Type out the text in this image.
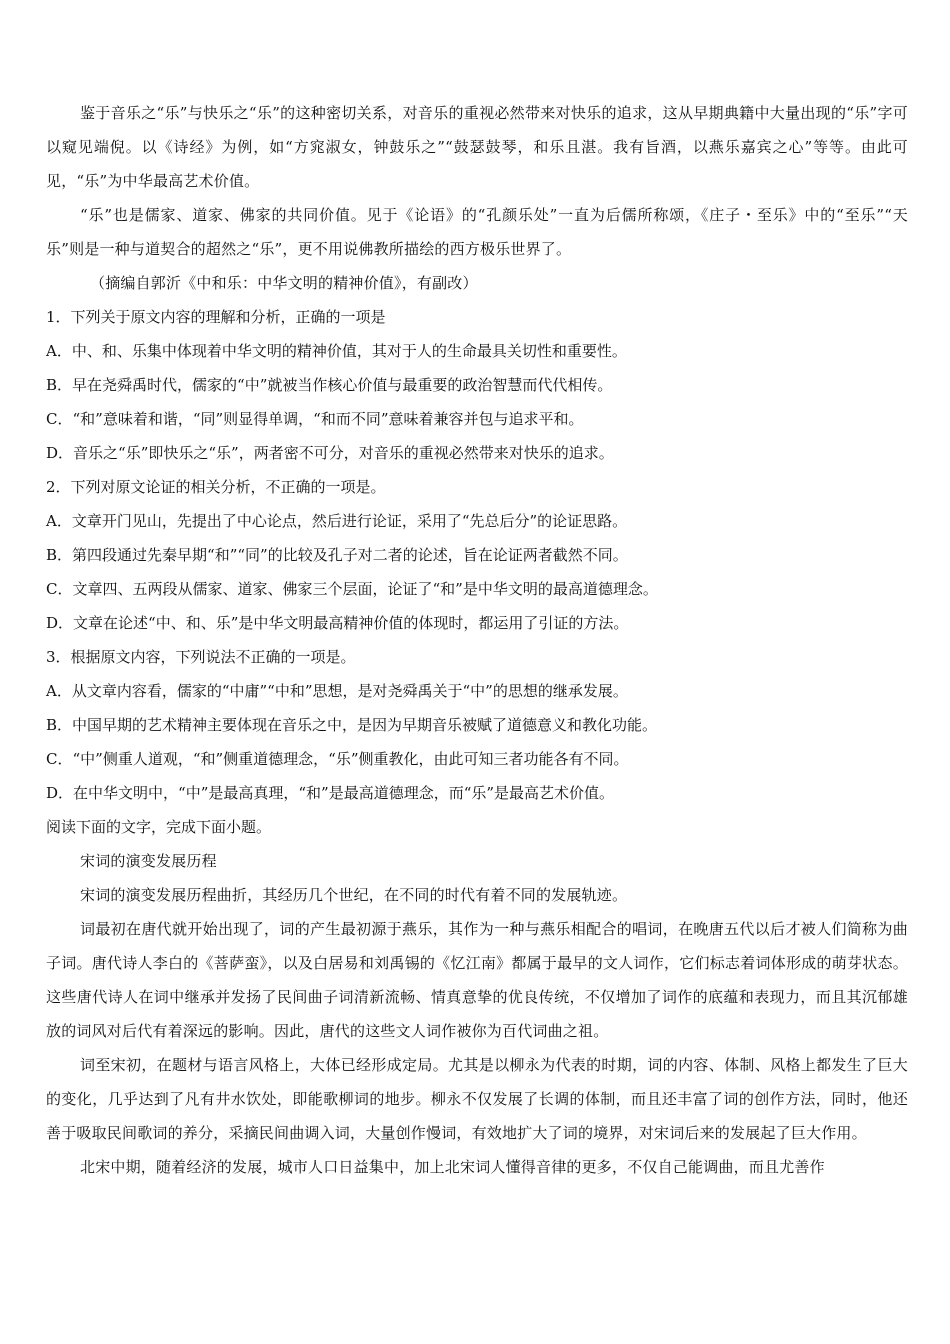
鉴于音乐之“乐”与快乐之“乐”的这种密切关系，对音乐的重视必然带来对快乐的追求，这从早期典籍中大量出现的“乐”字可以窥见端倪。以《诗经》为例，如“方窕淑女，钟鼓乐之”“鼓瑟鼓琴，和乐且湛。我有旨酒，以燕乐嘉宾之心”等等。由此可见，“乐”为中华最高艺术价值。

“乐”也是儒家、道家、佛家的共同价值。见于《论语》的“孔颜乐处”一直为后儒所称颂，《庄子・至乐》中的“至乐”“天乐”则是一种与道契合的超然之“乐”，更不用说佛教所描绘的西方极乐世界了。

（摘编自郭沂《中和乐：中华文明的精神价值》，有副改）

1．下列关于原文内容的理解和分析，正确的一项是

A．中、和、乐集中体现着中华文明的精神价值，其对于人的生命最具关切性和重要性。

B．早在尧舜禹时代，儒家的“中”就被当作核心价值与最重要的政治智慧而代代相传。

C．“和”意味着和谐，“同”则显得单调，“和而不同”意味着兼容并包与追求平和。

D．音乐之“乐”即快乐之“乐”，两者密不可分，对音乐的重视必然带来对快乐的追求。

2．下列对原文论证的相关分析，不正确的一项是。

A．文章开门见山，先提出了中心论点，然后进行论证，采用了“先总后分”的论证思路。

B．第四段通过先秦早期“和”“同”的比较及孔子对二者的论述，旨在论证两者截然不同。

C．文章四、五两段从儒家、道家、佛家三个层面，论证了“和”是中华文明的最高道德理念。

D．文章在论述“中、和、乐”是中华文明最高精神价值的体现时，都运用了引证的方法。

3．根据原文内容，下列说法不正确的一项是。

A．从文章内容看，儒家的“中庸”“中和”思想，是对尧舜禹关于“中”的思想的继承发展。

B．中国早期的艺术精神主要体现在音乐之中，是因为早期音乐被赋了道德意义和教化功能。

C．“中”侧重人道观，“和”侧重道德理念，“乐”侧重教化，由此可知三者功能各有不同。

D．在中华文明中，“中”是最高真理，“和”是最高道德理念，而“乐”是最高艺术价值。

阅读下面的文字，完成下面小题。

宋词的演变发展历程

宋词的演变发展历程曲折，其经历几个世纪，在不同的时代有着不同的发展轨迹。

词最初在唐代就开始出现了，词的产生最初源于燕乐，其作为一种与燕乐相配合的唱词，在晚唐五代以后才被人们简称为曲子词。唐代诗人李白的《菩萨蛮》，以及白居易和刘禹锡的《忆江南》都属于最早的文人词作，它们标志着词体形成的萌芽状态。这些唐代诗人在词中继承并发扬了民间曲子词清新流畅、情真意挚的优良传统，不仅增加了词作的底蕴和表现力，而且其沉郁雄放的词风对后代有着深远的影响。因此，唐代的这些文人词作被你为百代词曲之祖。

词至宋初，在题材与语言风格上，大体已经形成定局。尤其是以柳永为代表的时期，词的内容、体制、风格上都发生了巨大的变化，几乎达到了凡有井水饮处，即能歌柳词的地步。柳永不仅发展了长调的体制，而且还丰富了词的创作方法，同时，他还善于吸取民间歌词的养分，采摘民间曲调入词，大量创作慢词，有效地扩大了词的境界，对宋词后来的发展起了巨大作用。

北宋中期，随着经济的发展，城市人口日益集中，加上北宋词人懂得音律的更多，不仅自己能调曲，而且尤善作
